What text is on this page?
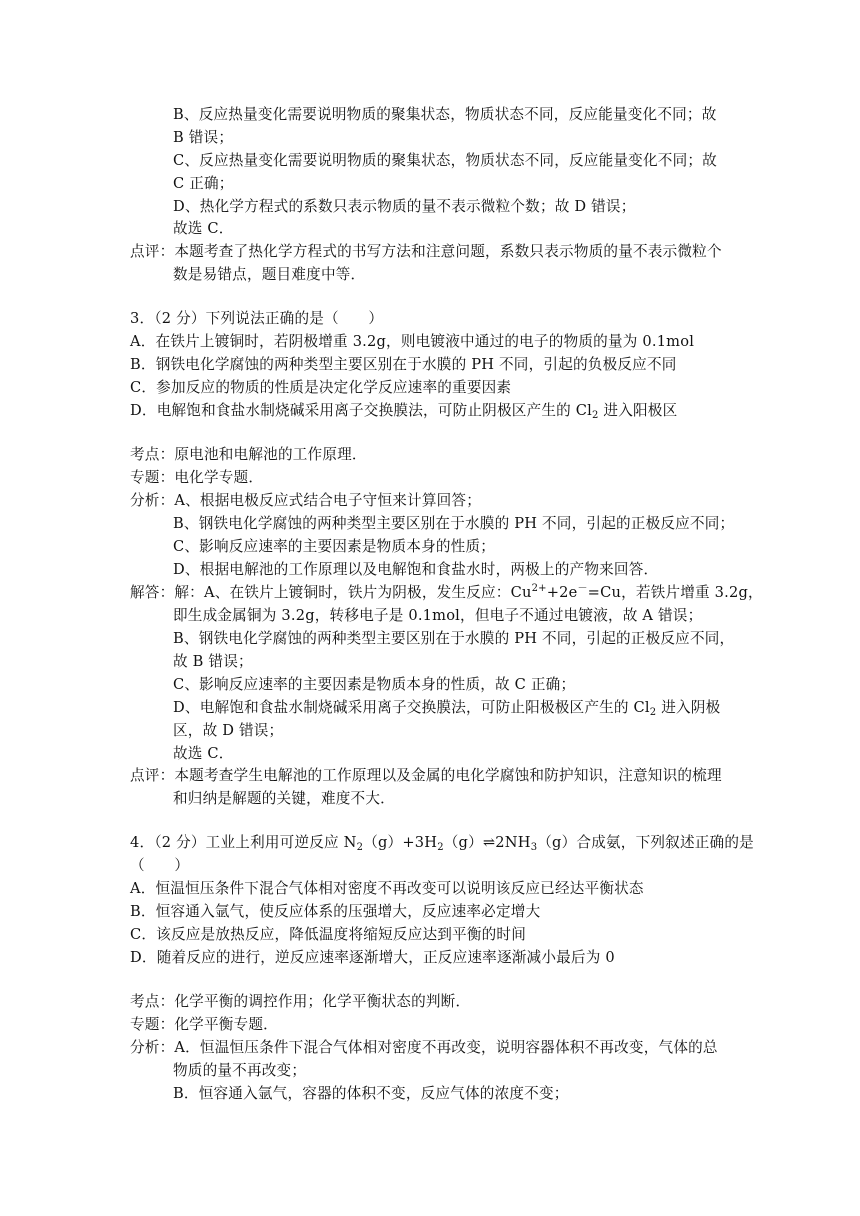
B、反应热量变化需要说明物质的聚集状态，物质状态不同，反应能量变化不同；故
B 错误；
C、反应热量变化需要说明物质的聚集状态，物质状态不同，反应能量变化不同；故
C 正确；
D、热化学方程式的系数只表示物质的量不表示微粒个数；故 D 错误；
故选 C．
点评：本题考查了热化学方程式的书写方法和注意问题，系数只表示物质的量不表示微粒个
数是易错点，题目难度中等．
3．（2 分）下列说法正确的是（　　）
A．在铁片上镀铜时，若阴极增重 3.2g，则电镀液中通过的电子的物质的量为 0.1mol
B．钢铁电化学腐蚀的两种类型主要区别在于水膜的 PH 不同，引起的负极反应不同
C．参加反应的物质的性质是决定化学反应速率的重要因素
D．电解饱和食盐水制烧碱采用离子交换膜法，可防止阴极区产生的 $Cl_2$ 进入阳极区
考点：原电池和电解池的工作原理．
专题：电化学专题．
分析：A、根据电极反应式结合电子守恒来计算回答；
B、钢铁电化学腐蚀的两种类型主要区别在于水膜的 PH 不同，引起的正极反应不同；
C、影响反应速率的主要因素是物质本身的性质；
D、根据电解池的工作原理以及电解饱和食盐水时，两极上的产物来回答．
解答：解：A、在铁片上镀铜时，铁片为阴极，发生反应：$Cu^{2+}+2e^-=Cu$，若铁片增重 3.2g，
即生成金属铜为 3.2g，转移电子是 0.1mol，但电子不通过电镀液，故 A 错误；
B、钢铁电化学腐蚀的两种类型主要区别在于水膜的 PH 不同，引起的正极反应不同，
故 B 错误；
C、影响反应速率的主要因素是物质本身的性质，故 C 正确；
D、电解饱和食盐水制烧碱采用离子交换膜法，可防止阳极极区产生的 $Cl_2$ 进入阴极
区，故 D 错误；
故选 C．
点评：本题考查学生电解池的工作原理以及金属的电化学腐蚀和防护知识，注意知识的梳理
和归纳是解题的关键，难度不大．
4．（2 分）工业上利用可逆反应 $N_2(g)+3H_2(g)\rightleftharpoons 2NH_3(g)$合成氨，下列叙述正确的是
（　　）
A．恒温恒压条件下混合气体相对密度不再改变可以说明该反应已经达平衡状态
B．恒容通入氩气，使反应体系的压强增大，反应速率必定增大
C．该反应是放热反应，降低温度将缩短反应达到平衡的时间
D．随着反应的进行，逆反应速率逐渐增大，正反应速率逐渐减小最后为 0
考点：化学平衡的调控作用；化学平衡状态的判断．
专题：化学平衡专题．
分析：A．恒温恒压条件下混合气体相对密度不再改变，说明容器体积不再改变，气体的总
物质的量不再改变；
B．恒容通入氩气，容器的体积不变，反应气体的浓度不变；
